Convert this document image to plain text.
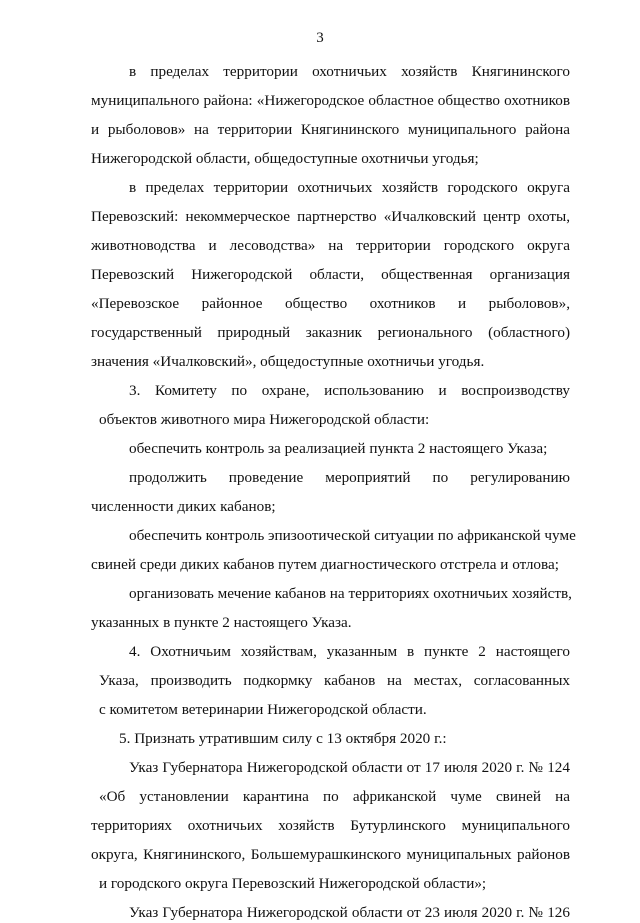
3
в пределах территории охотничьих хозяйств Княгининского
муниципального района: «Нижегородское областное общество охотников
и рыболовов» на территории Княгининского муниципального района
Нижегородской области, общедоступные охотничьи угодья;
в пределах территории охотничьих хозяйств городского округа
Перевозский: некоммерческое партнерство «Ичалковский центр охоты,
животноводства и лесоводства» на территории городского округа
Перевозский Нижегородской области, общественная организация
«Перевозское районное общество охотников и рыболовов»,
государственный природный заказник регионального (областного)
значения «Ичалковский», общедоступные охотничьи угодья.
3. Комитету по охране, использованию и воспроизводству
объектов животного мира Нижегородской области:
обеспечить контроль за реализацией пункта 2 настоящего Указа;
продолжить проведение мероприятий по регулированию
численности диких кабанов;
обеспечить контроль эпизоотической ситуации по африканской чуме
свиней среди диких кабанов путем диагностического отстрела и отлова;
организовать мечение кабанов на территориях охотничьих хозяйств,
указанных в пункте 2 настоящего Указа.
4. Охотничьим хозяйствам, указанным в пункте 2 настоящего
Указа, производить подкормку кабанов на местах, согласованных
с комитетом ветеринарии Нижегородской области.
5. Признать утратившим силу с 13 октября 2020 г.:
Указ Губернатора Нижегородской области от 17 июля 2020 г. № 124
«Об установлении карантина по африканской чуме свиней на
территориях охотничьих хозяйств Бутурлинского муниципального
округа, Княгининского, Большемурашкинского муниципальных районов
и городского округа Перевозский Нижегородской области»;
Указ Губернатора Нижегородской области от 23 июля 2020 г. № 126
